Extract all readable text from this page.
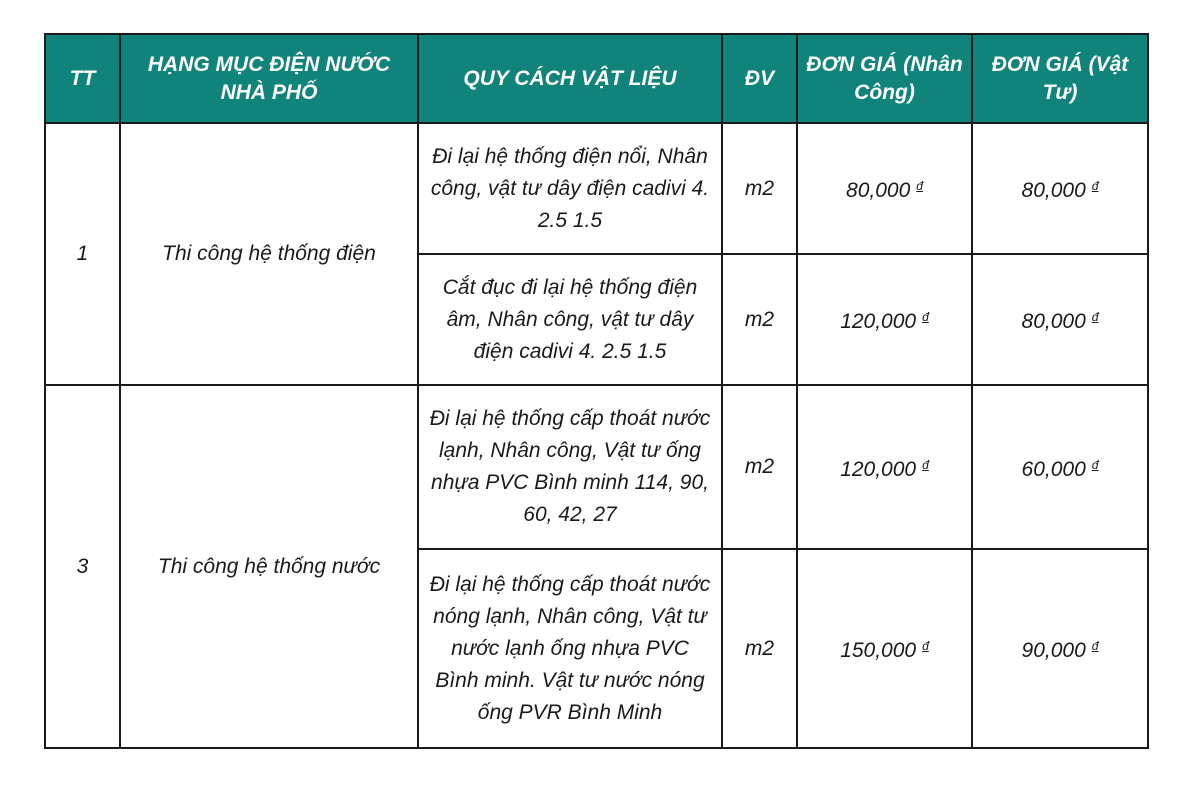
TT	HẠNG MỤC ĐIỆN NƯỚC NHÀ PHỐ	QUY CÁCH VẬT LIỆU	ĐV	ĐƠN GIÁ (Nhân Công)	ĐƠN GIÁ (Vật Tư)
1	Thi công hệ thống điện	Đi lại hệ thống điện nổi, Nhân công, vật tư dây điện cadivi 4. 2.5 1.5	m2	80,000 $^đ$	80,000 $^đ$
		Cắt đục đi lại hệ thống điện âm, Nhân công, vật tư dây điện cadivi 4. 2.5 1.5	m2	120,000 $^đ$	80,000 $^đ$
3	Thi công hệ thống nước	Đi lại hệ thống cấp thoát nước lạnh, Nhân công, Vật tư ống nhựa PVC Bình minh 114, 90, 60, 42, 27	m2	120,000 $^đ$	60,000 $^đ$
		Đi lại hệ thống cấp thoát nước nóng lạnh, Nhân công, Vật tư nước lạnh ống nhựa PVC Bình minh. Vật tư nước nóng ống PVR Bình Minh	m2	150,000 $^đ$	90,000 $^đ$
